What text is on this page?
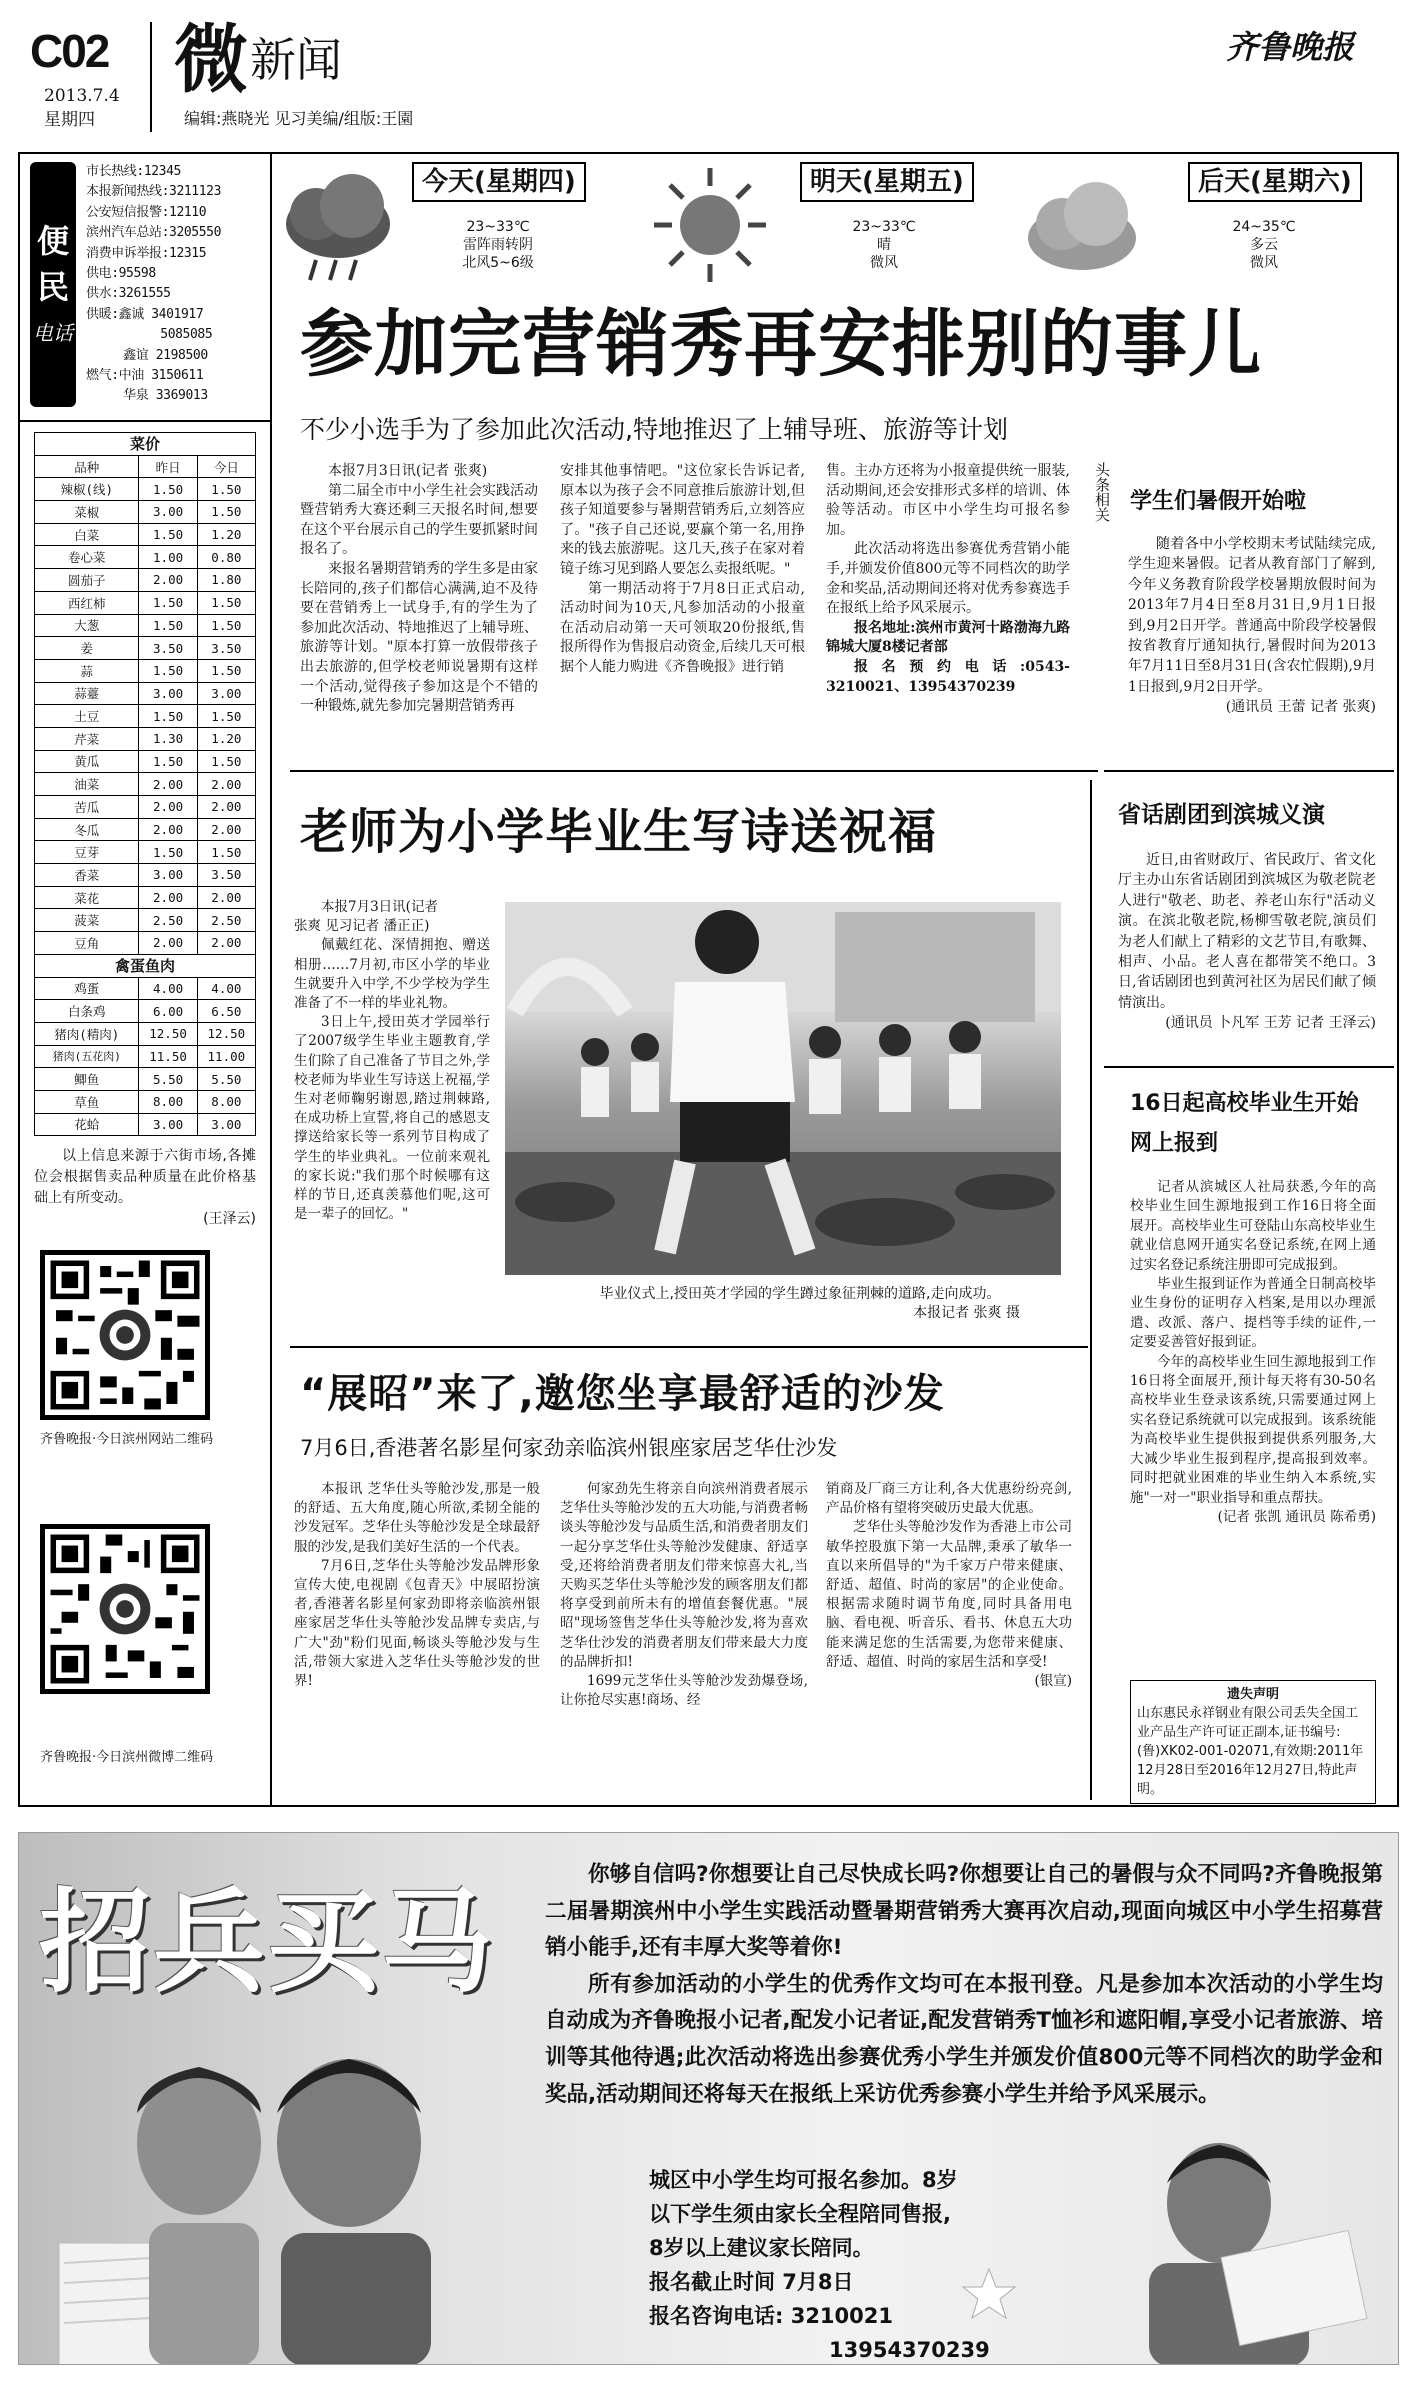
C02
2013.7.4
星期四
微 新闻
编辑:燕晓光 见习美编/组版:王園
齐鲁晚报
便民
电话
市长热线:12345
本报新闻热线:3211123
公安短信报警:12110
滨州汽车总站:3205550
消费申诉举报:12315
供电:95598
供水:3261555
供暖:鑫诚 3401917
5085085
鑫谊 2198500
燃气:中油 3150611
华泉 3369013
今天(星期四)
23~33℃
雷阵雨转阴
北风5~6级
明天(星期五)
23~33℃
晴
微风
后天(星期六)
24~35℃
多云
微风
参加完营销秀再安排别的事儿
不少小选手为了参加此次活动,特地推迟了上辅导班、旅游等计划

本报7月3日讯(记者 张爽)

第二届全市中小学生社会实践活动暨营销秀大赛还剩三天报名时间,想要在这个平台展示自己的学生要抓紧时间报名了。

来报名暑期营销秀的学生多是由家长陪同的,孩子们都信心满满,迫不及待要在营销秀上一试身手,有的学生为了参加此次活动、特地推迟了上辅导班、旅游等计划。"原本打算一放假带孩子出去旅游的,但学校老师说暑期有这样一个活动,觉得孩子参加这是个不错的一种锻炼,就先参加完暑期营销秀再

安排其他事情吧。"这位家长告诉记者,原本以为孩子会不同意推后旅游计划,但孩子知道要参与暑期营销秀后,立刻答应了。"孩子自己还说,要赢个第一名,用挣来的钱去旅游呢。这几天,孩子在家对着镜子练习见到路人要怎么卖报纸呢。"

第一期活动将于7月8日正式启动,活动时间为10天,凡参加活动的小报童在活动启动第一天可领取20份报纸,售报所得作为售报启动资金,后续几天可根据个人能力购进《齐鲁晚报》进行销

售。主办方还将为小报童提供统一服装,活动期间,还会安排形式多样的培训、体验等活动。市区中小学生均可报名参加。

此次活动将选出参赛优秀营销小能手,并颁发价值800元等不同档次的助学金和奖品,活动期间还将对优秀参赛选手在报纸上给予风采展示。

报名地址:滨州市黄河十路渤海九路锦城大厦8楼记者部

报名预约电话:0543-3210021、13954370239

头条相关 学生们暑假开始啦

随着各中小学校期末考试陆续完成,学生迎来暑假。记者从教育部门了解到,今年义务教育阶段学校暑期放假时间为2013年7月4日至8月31日,9月1日报到,9月2日开学。普通高中阶段学校暑假按省教育厅通知执行,暑假时间为2013年7月11日至8月31日(含农忙假期),9月1日报到,9月2日开学。

(通讯员 王蕾 记者 张爽)

菜价		
品种	昨日	今日
辣椒(线)	1.50	1.50
菜椒	3.00	1.50
白菜	1.50	1.20
卷心菜	1.00	0.80
圆茄子	2.00	1.80
西红柿	1.50	1.50
大葱	1.50	1.50
姜	3.50	3.50
蒜	1.50	1.50
蒜薹	3.00	3.00
土豆	1.50	1.50
芹菜	1.30	1.20
黄瓜	1.50	1.50
油菜	2.00	2.00
苦瓜	2.00	2.00
冬瓜	2.00	2.00
豆芽	1.50	1.50
香菜	3.00	3.50
菜花	2.00	2.00
菠菜	2.50	2.50
豆角	2.00	2.00
禽蛋鱼肉		
鸡蛋	4.00	4.00
白条鸡	6.00	6.50
猪肉(精肉)	12.50	12.50
猪肉(五花肉)	11.50	11.00
鲫鱼	5.50	5.50
草鱼	8.00	8.00
花蛤	3.00	3.00

以上信息来源于六街市场,各摊位会根据售卖品种质量在此价格基础上有所变动。

(王泽云)

齐鲁晚报·今日滨州网站二维码
齐鲁晚报·今日滨州微博二维码
老师为小学毕业生写诗送祝福

本报7月3日讯(记者

张爽 见习记者 潘正正)

佩戴红花、深情拥抱、赠送相册……7月初,市区小学的毕业生就要升入中学,不少学校为学生准备了不一样的毕业礼物。

3日上午,授田英才学园举行了2007级学生毕业主题教育,学生们除了自己准备了节目之外,学校老师为毕业生写诗送上祝福,学生对老师鞠躬谢恩,踏过荆棘路,在成功桥上宣誓,将自己的感恩支撑送给家长等一系列节目构成了学生的毕业典礼。一位前来观礼的家长说:"我们那个时候哪有这样的节日,还真羡慕他们呢,这可是一辈子的回忆。"

毕业仪式上,授田英才学园的学生蹲过象征荆棘的道路,走向成功。
本报记者 张爽 摄
省话剧团到滨城义演

近日,由省财政厅、省民政厅、省文化厅主办山东省话剧团到滨城区为敬老院老人进行"敬老、助老、养老山东行"活动义演。在滨北敬老院,杨柳雪敬老院,演员们为老人们献上了精彩的文艺节目,有歌舞、相声、小品。老人喜在都带笑不绝口。3日,省话剧团也到黄河社区为居民们献了倾情演出。

(通讯员 卜凡军 王芳 记者 王泽云)

16日起高校毕业生开始网上报到

记者从滨城区人社局获悉,今年的高校毕业生回生源地报到工作16日将全面展开。高校毕业生可登陆山东高校毕业生就业信息网开通实名登记系统,在网上通过实名登记系统注册即可完成报到。

毕业生报到证作为普通全日制高校毕业生身份的证明存入档案,是用以办理派遣、改派、落户、提档等手续的证件,一定要妥善管好报到证。

今年的高校毕业生回生源地报到工作16日将全面展开,预计每天将有30-50名高校毕业生登录该系统,只需要通过网上实名登记系统就可以完成报到。该系统能为高校毕业生提供报到提供系列服务,大大减少毕业生报到程序,提高报到效率。同时把就业困难的毕业生纳入本系统,实施"一对一"职业指导和重点帮扶。

(记者 张凯 通讯员 陈希勇)

遗失声明
山东惠民永祥钢业有限公司丢失全国工业产品生产许可证正副本,证书编号:(鲁)XK02-001-02071,有效期:2011年12月28日至2016年12月27日,特此声明。
“展昭”来了,邀您坐享最舒适的沙发
7月6日,香港著名影星何家劲亲临滨州银座家居芝华仕沙发

本报讯 芝华仕头等舱沙发,那是一般的舒适、五大角度,随心所欲,柔韧全能的沙发冠军。芝华仕头等舱沙发是全球最舒服的沙发,是我们美好生活的一个代表。

7月6日,芝华仕头等舱沙发品牌形象宣传大使,电视剧《包青天》中展昭扮演者,香港著名影星何家劲即将亲临滨州银座家居芝华仕头等舱沙发品牌专卖店,与广大"劲"粉们见面,畅谈头等舱沙发与生活,带领大家进入芝华仕头等舱沙发的世界!

何家劲先生将亲自向滨州消费者展示芝华仕头等舱沙发的五大功能,与消费者畅谈头等舱沙发与品质生活,和消费者朋友们一起分享芝华仕头等舱沙发健康、舒适享受,还将给消费者朋友们带来惊喜大礼,当天购买芝华仕头等舱沙发的顾客朋友们都将享受到前所未有的增值套餐优惠。"展昭"现场签售芝华仕头等舱沙发,将为喜欢芝华仕沙发的消费者朋友们带来最大力度的品牌折扣!

1699元芝华仕头等舱沙发劲爆登场,让你抢尽实惠!商场、经

销商及厂商三方让利,各大优惠纷纷亮剑,产品价格有望将突破历史最大优惠。

芝华仕头等舱沙发作为香港上市公司敏华控股旗下第一大品牌,秉承了敏华一直以来所倡导的"为千家万户带来健康、舒适、超值、时尚的家居"的企业使命。根据需求随时调节角度,同时具备用电脑、看电视、听音乐、看书、休息五大功能来满足您的生活需要,为您带来健康、舒适、超值、时尚的家居生活和享受!

(银宣)

招兵买马

你够自信吗?你想要让自己尽快成长吗?你想要让自己的暑假与众不同吗?齐鲁晚报第二届暑期滨州中小学生实践活动暨暑期营销秀大赛再次启动,现面向城区中小学生招募营销小能手,还有丰厚大奖等着你!

所有参加活动的小学生的优秀作文均可在本报刊登。凡是参加本次活动的小学生均自动成为齐鲁晚报小记者,配发小记者证,配发营销秀T恤衫和遮阳帽,享受小记者旅游、培训等其他待遇;此次活动将选出参赛优秀小学生并颁发价值800元等不同档次的助学金和奖品,活动期间还将每天在报纸上采访优秀参赛小学生并给予风采展示。

城区中小学生均可报名参加。8岁
以下学生须由家长全程陪同售报,
8岁以上建议家长陪同。
报名截止时间 7月8日
报名咨询电话: 3210021
13954370239
